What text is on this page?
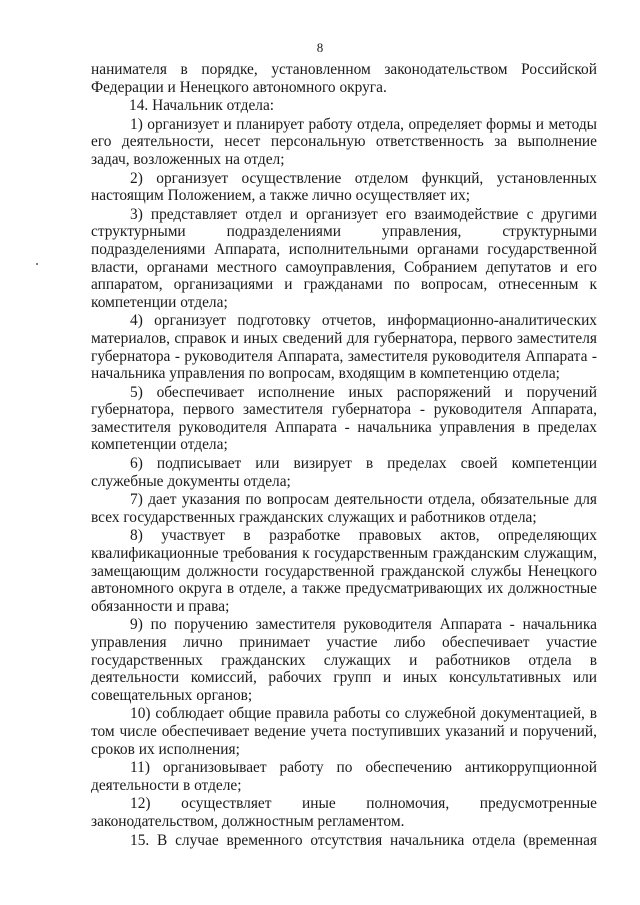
8

нанимателя в порядке, установленном законодательством Российской Федерации и Ненецкого автономного округа.

14. Начальник отдела:

1) организует и планирует работу отдела, определяет формы и методы его деятельности, несет персональную ответственность за выполнение задач, возложенных на отдел;

2) организует осуществление отделом функций, установленных настоящим Положением, а также лично осуществляет их;

3) представляет отдел и организует его взаимодействие с другими структурными подразделениями управления, структурными подразделениями Аппарата, исполнительными органами государственной власти, органами местного самоуправления, Собранием депутатов и его аппаратом, организациями и гражданами по вопросам, отнесенным к компетенции отдела;

4) организует подготовку отчетов, информационно-аналитических материалов, справок и иных сведений для губернатора, первого заместителя губернатора - руководителя Аппарата, заместителя руководителя Аппарата - начальника управления по вопросам, входящим в компетенцию отдела;

5) обеспечивает исполнение иных распоряжений и поручений губернатора, первого заместителя губернатора - руководителя Аппарата, заместителя руководителя Аппарата - начальника управления в пределах компетенции отдела;

6) подписывает или визирует в пределах своей компетенции служебные документы отдела;

7) дает указания по вопросам деятельности отдела, обязательные для всех государственных гражданских служащих и работников отдела;

8) участвует в разработке правовых актов, определяющих квалификационные требования к государственным гражданским служащим, замещающим должности государственной гражданской службы Ненецкого автономного округа в отделе, а также предусматривающих их должностные обязанности и права;

9) по поручению заместителя руководителя Аппарата - начальника управления лично принимает участие либо обеспечивает участие государственных гражданских служащих и работников отдела в деятельности комиссий, рабочих групп и иных консультативных или совещательных органов;

10) соблюдает общие правила работы со служебной документацией, в том числе обеспечивает ведение учета поступивших указаний и поручений, сроков их исполнения;

11) организовывает работу по обеспечению антикоррупционной деятельности в отделе;

12) осуществляет иные полномочия, предусмотренные законодательством, должностным регламентом.

15. В случае временного отсутствия начальника отдела (временная
